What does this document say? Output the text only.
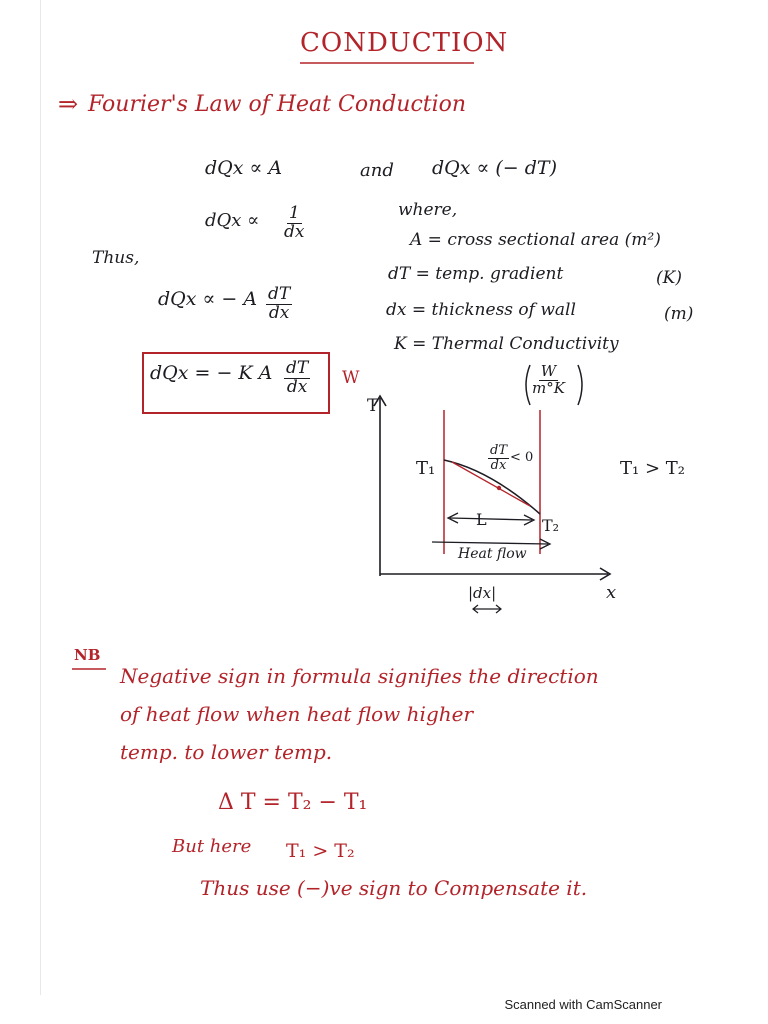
CONDUCTION
⇒ Fourier's Law of Heat Conduction
dQx ∝ A	and dQx ∝ (− dT)
dQx ∝ $\frac{1}{dx}$
Thus,
dQx ∝ − A $\frac{dT}{dx}$
dQx = − K A $\frac{dT}{dx}$ W
where,
A = cross sectional area (m²)
dT = temp. gradient	(K)
dx = thickness of wall	(m)
K = Thermal Conductivity
$\frac{W}{m^\circ K}$
T
x
T₁
T₂
$\frac{dT}{dx} < 0$
L
Heat flow
|dx|
T₁ > T₂
NB
Negative sign in formula signifies the direction
of heat flow when heat flow higher
temp. to lower temp.
Δ T = T₂ − T₁
But here T₁ > T₂
Thus use (−)ve sign to Compensate it.
Scanned with CamScanner
